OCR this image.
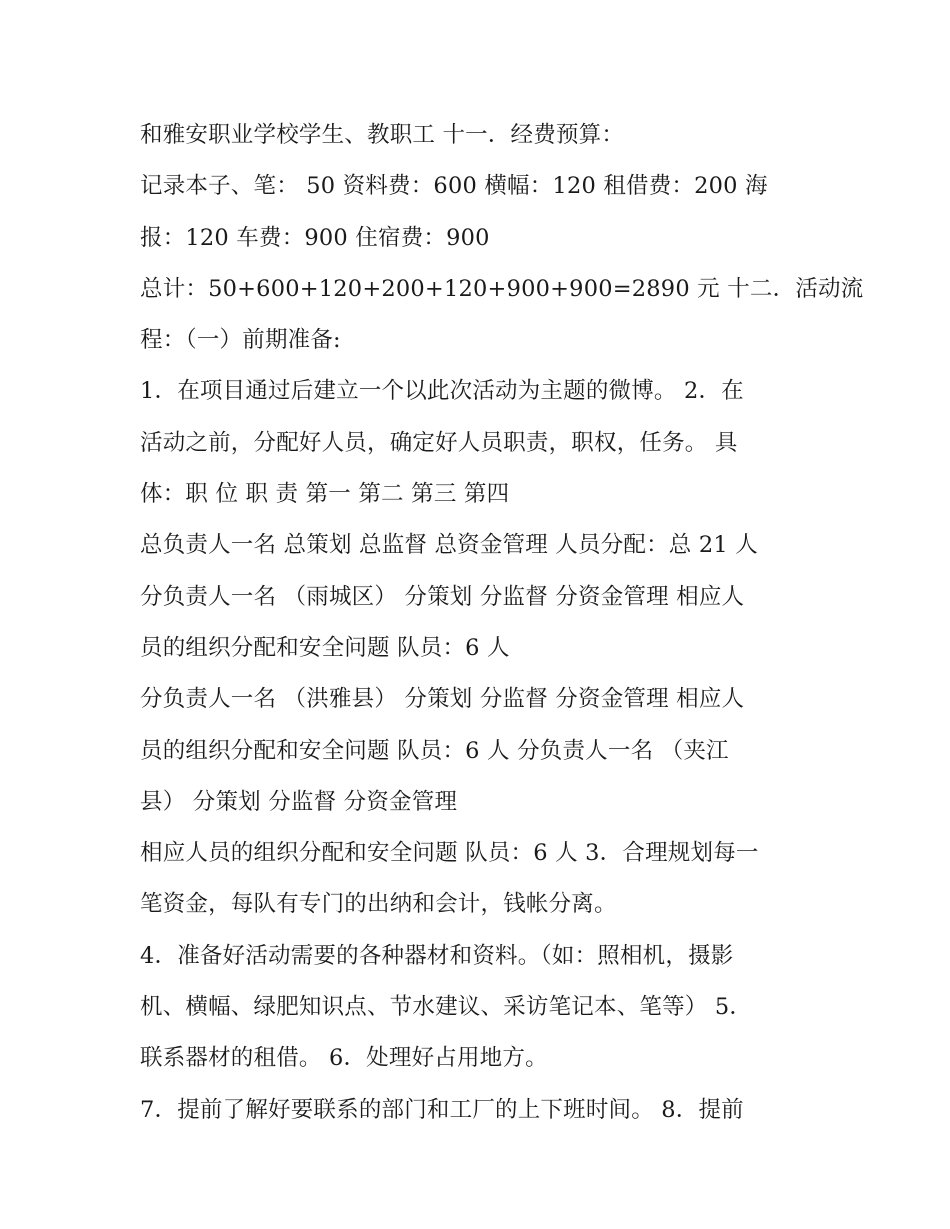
和雅安职业学校学生、教职工 十一．经费预算：
记录本子、笔： 50 资料费：600 横幅：120 租借费：200 海
报：120 车费：900 住宿费：900
总计：50+600+120+200+120+900+900=2890 元 十二．活动流
程：（一）前期准备:
1．在项目通过后建立一个以此次活动为主题的微博。 2．在
活动之前，分配好人员，确定好人员职责，职权，任务。 具
体：职 位 职 责 第一 第二 第三 第四
总负责人一名 总策划 总监督 总资金管理 人员分配：总 21 人
分负责人一名 （雨城区） 分策划 分监督 分资金管理 相应人
员的组织分配和安全问题 队员：6 人
分负责人一名 （洪雅县） 分策划 分监督 分资金管理 相应人
员的组织分配和安全问题 队员：6 人 分负责人一名 （夹江
县） 分策划 分监督 分资金管理
相应人员的组织分配和安全问题 队员：6 人 3．合理规划每一
笔资金，每队有专门的出纳和会计，钱帐分离。
4．准备好活动需要的各种器材和资料。（如：照相机，摄影
机、横幅、绿肥知识点、节水建议、采访笔记本、笔等） 5．
联系器材的租借。 6．处理好占用地方。
7．提前了解好要联系的部门和工厂的上下班时间。 8．提前
